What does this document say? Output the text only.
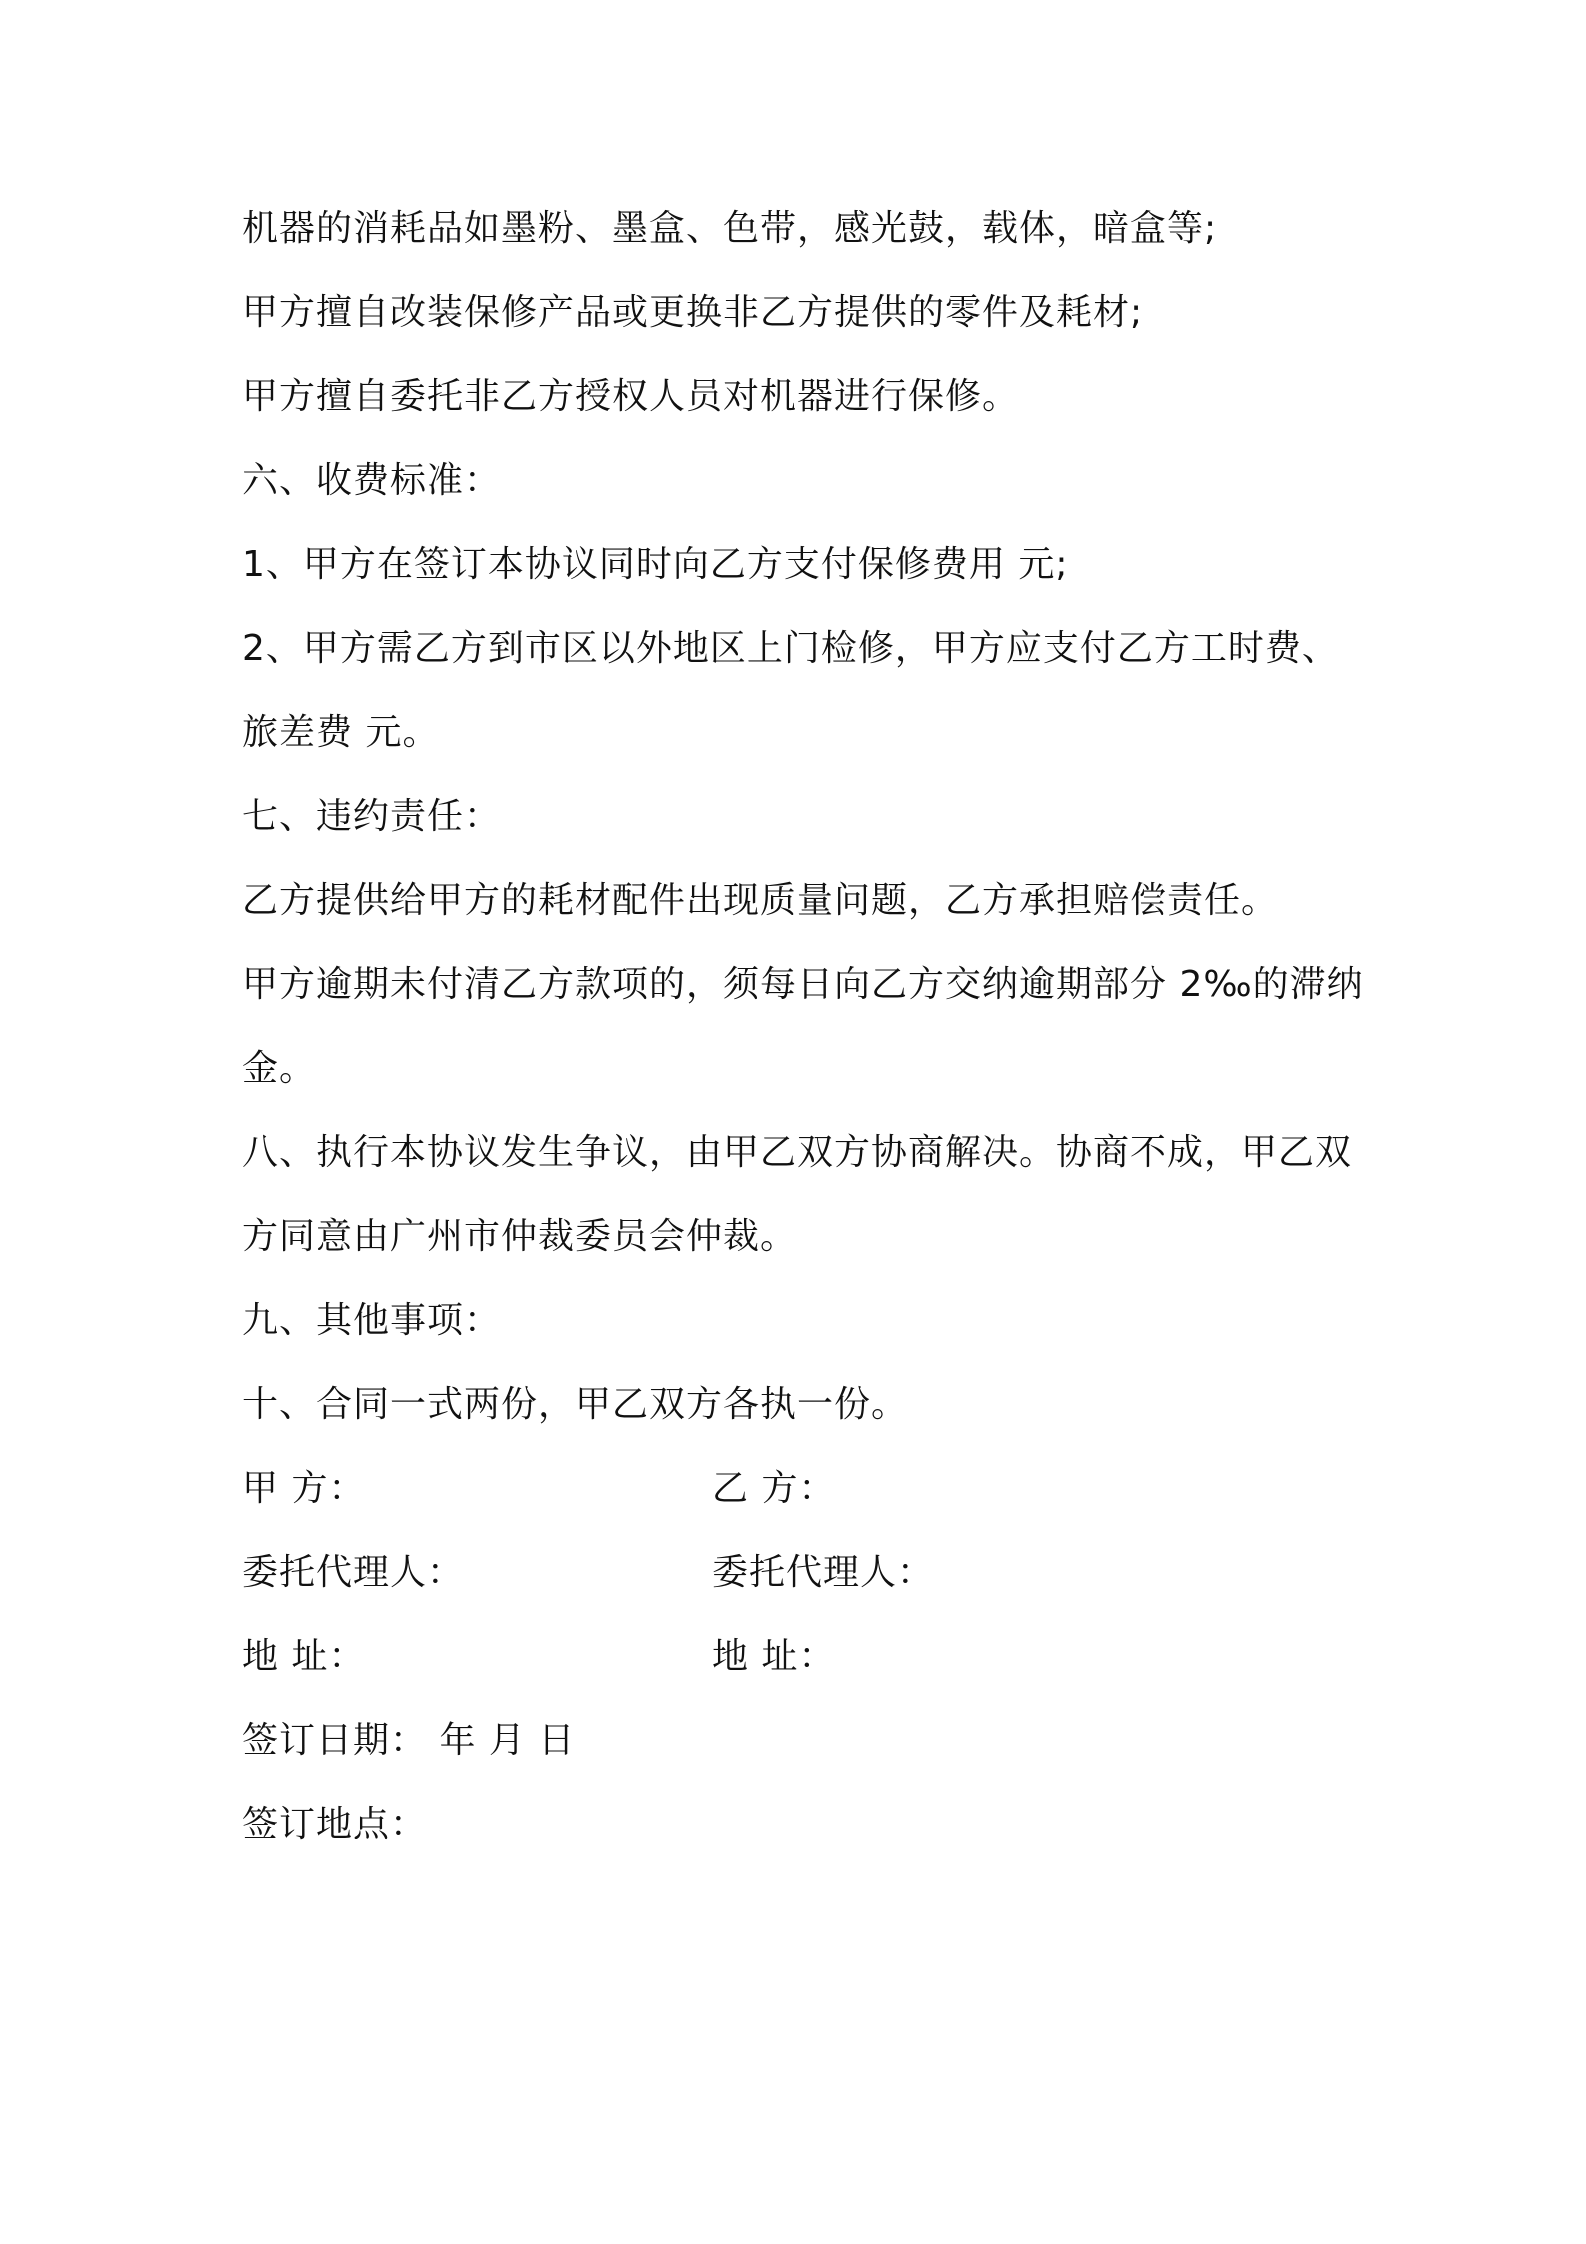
机器的消耗品如墨粉、墨盒、色带，感光鼓，载体，暗盒等;
甲方擅自改装保修产品或更换非乙方提供的零件及耗材;
甲方擅自委托非乙方授权人员对机器进行保修。
六、收费标准：
1、甲方在签订本协议同时向乙方支付保修费用 元;
2、甲方需乙方到市区以外地区上门检修，甲方应支付乙方工时费、
旅差费 元。
七、违约责任：
乙方提供给甲方的耗材配件出现质量问题，乙方承担赔偿责任。
甲方逾期未付清乙方款项的，须每日向乙方交纳逾期部分 2‰的滞纳
金。
八、执行本协议发生争议，由甲乙双方协商解决。协商不成，甲乙双
方同意由广州市仲裁委员会仲裁。
九、其他事项：
十、合同一式两份，甲乙双方各执一份。
甲 方：	乙 方：
委托代理人：	委托代理人：
地 址：	地 址：
签订日期： 年 月 日
签订地点：
